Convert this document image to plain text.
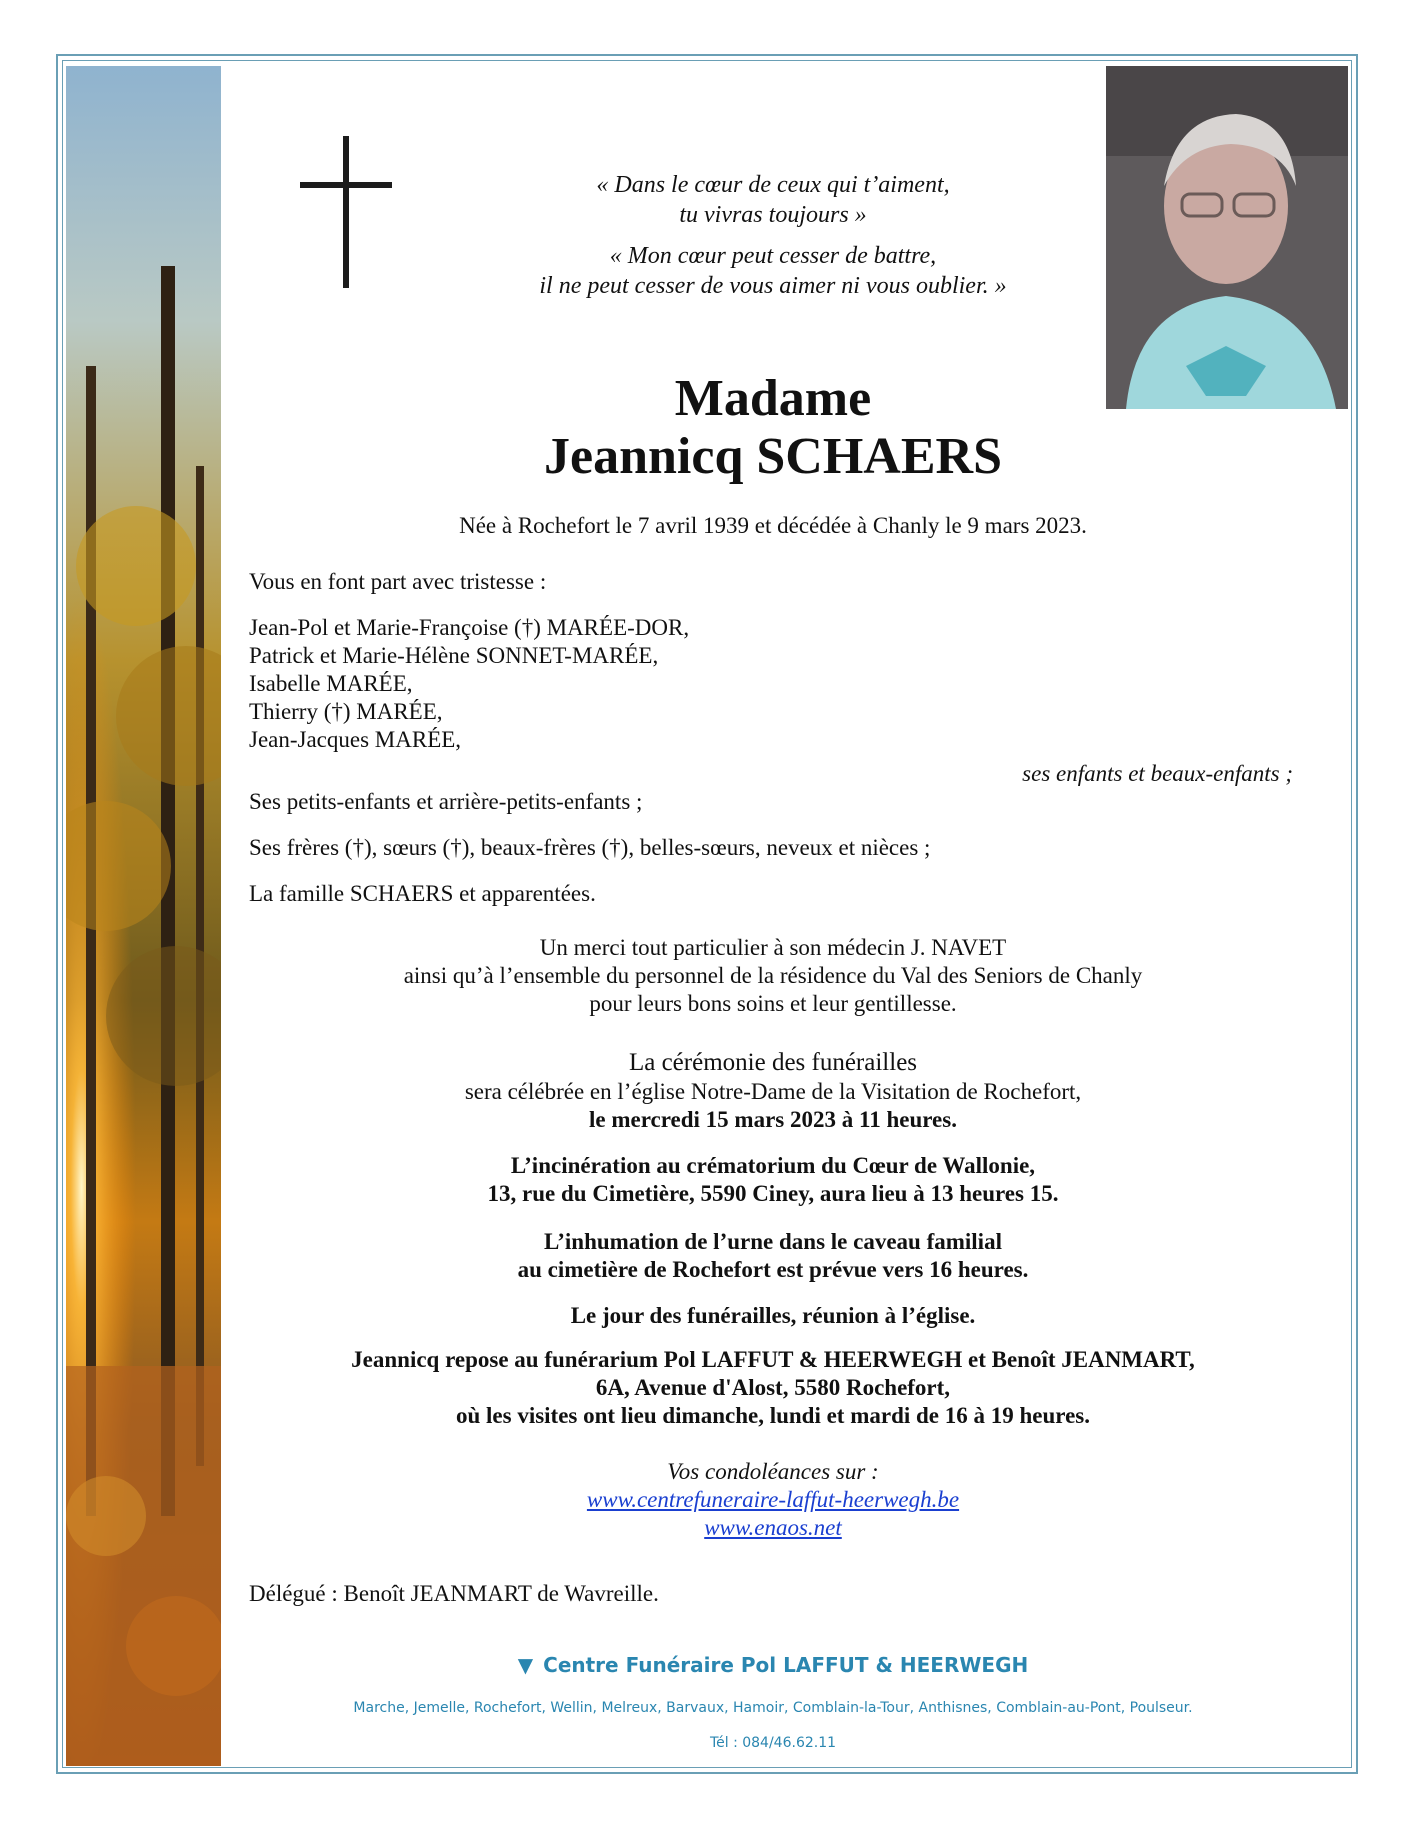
« Dans le cœur de ceux qui t’aiment,
tu vivras toujours »
« Mon cœur peut cesser de battre,
il ne peut cesser de vous aimer ni vous oublier. »
Madame
Jeannicq SCHAERS
Née à Rochefort le 7 avril 1939 et décédée à Chanly le 9 mars 2023.
Vous en font part avec tristesse :
Jean-Pol et Marie-Françoise (†) MARÉE-DOR,
Patrick et Marie-Hélène SONNET-MARÉE,
Isabelle MARÉE,
Thierry (†) MARÉE,
Jean-Jacques MARÉE,
ses enfants et beaux-enfants ;
Ses petits-enfants et arrière-petits-enfants ;
Ses frères (†), sœurs (†), beaux-frères (†), belles-sœurs, neveux et nièces ;
La famille SCHAERS et apparentées.
Un merci tout particulier à son médecin J. NAVET
ainsi qu’à l’ensemble du personnel de la résidence du Val des Seniors de Chanly
pour leurs bons soins et leur gentillesse.
La cérémonie des funérailles
sera célébrée en l’église Notre-Dame de la Visitation de Rochefort,
le mercredi 15 mars 2023 à 11 heures.
L’incinération au crématorium du Cœur de Wallonie,
13, rue du Cimetière, 5590 Ciney, aura lieu à 13 heures 15.
L’inhumation de l’urne dans le caveau familial
au cimetière de Rochefort est prévue vers 16 heures.
Le jour des funérailles, réunion à l’église.
Jeannicq repose au funérarium Pol LAFFUT & HEERWEGH et Benoît JEANMART,
6A, Avenue d'Alost, 5580 Rochefort,
où les visites ont lieu dimanche, lundi et mardi de 16 à 19 heures.
Vos condoléances sur :
www.centrefuneraire-laffut-heerwegh.be
www.enaos.net
Délégué : Benoît JEANMART de Wavreille.
▼ Centre Funéraire Pol LAFFUT & HEERWEGH
Marche, Jemelle, Rochefort, Wellin, Melreux, Barvaux, Hamoir, Comblain-la-Tour, Anthisnes, Comblain-au-Pont, Poulseur.
Tél : 084/46.62.11
